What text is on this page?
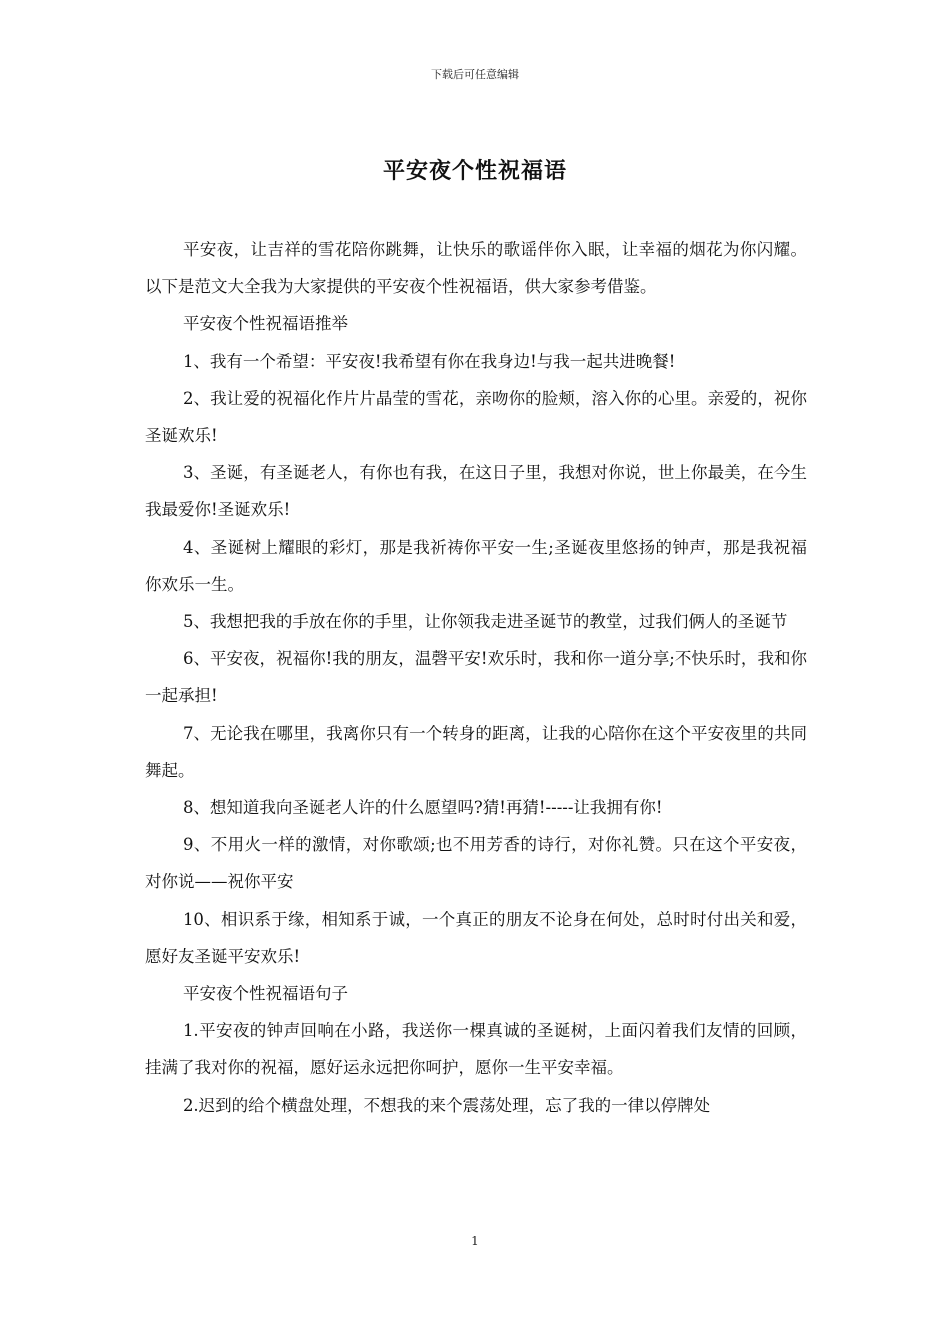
下载后可任意编辑
平安夜个性祝福语

平安夜，让吉祥的雪花陪你跳舞，让快乐的歌谣伴你入眠，让幸福的烟花为你闪耀。以下是范文大全我为大家提供的平安夜个性祝福语，供大家参考借鉴。

平安夜个性祝福语推举

1、我有一个希望：平安夜!我希望有你在我身边!与我一起共进晚餐!

2、我让爱的祝福化作片片晶莹的雪花，亲吻你的脸颊，溶入你的心里。亲爱的，祝你圣诞欢乐!

3、圣诞，有圣诞老人，有你也有我，在这日子里，我想对你说，世上你最美，在今生我最爱你!圣诞欢乐!

4、圣诞树上耀眼的彩灯，那是我祈祷你平安一生;圣诞夜里悠扬的钟声，那是我祝福你欢乐一生。

5、我想把我的手放在你的手里，让你领我走进圣诞节的教堂，过我们俩人的圣诞节

6、平安夜，祝福你!我的朋友，温磬平安!欢乐时，我和你一道分享;不快乐时，我和你一起承担!

7、无论我在哪里，我离你只有一个转身的距离，让我的心陪你在这个平安夜里的共同舞起。

8、想知道我向圣诞老人许的什么愿望吗?猜!再猜!-----让我拥有你!

9、不用火一样的激情，对你歌颂;也不用芳香的诗行，对你礼赞。只在这个平安夜，对你说——祝你平安

10、相识系于缘，相知系于诚，一个真正的朋友不论身在何处，总时时付出关和爱，愿好友圣诞平安欢乐!

平安夜个性祝福语句子

1.平安夜的钟声回响在小路，我送你一棵真诚的圣诞树，上面闪着我们友情的回顾，挂满了我对你的祝福，愿好运永远把你呵护，愿你一生平安幸福。

2.迟到的给个横盘处理，不想我的来个震荡处理，忘了我的一律以停牌处

1
